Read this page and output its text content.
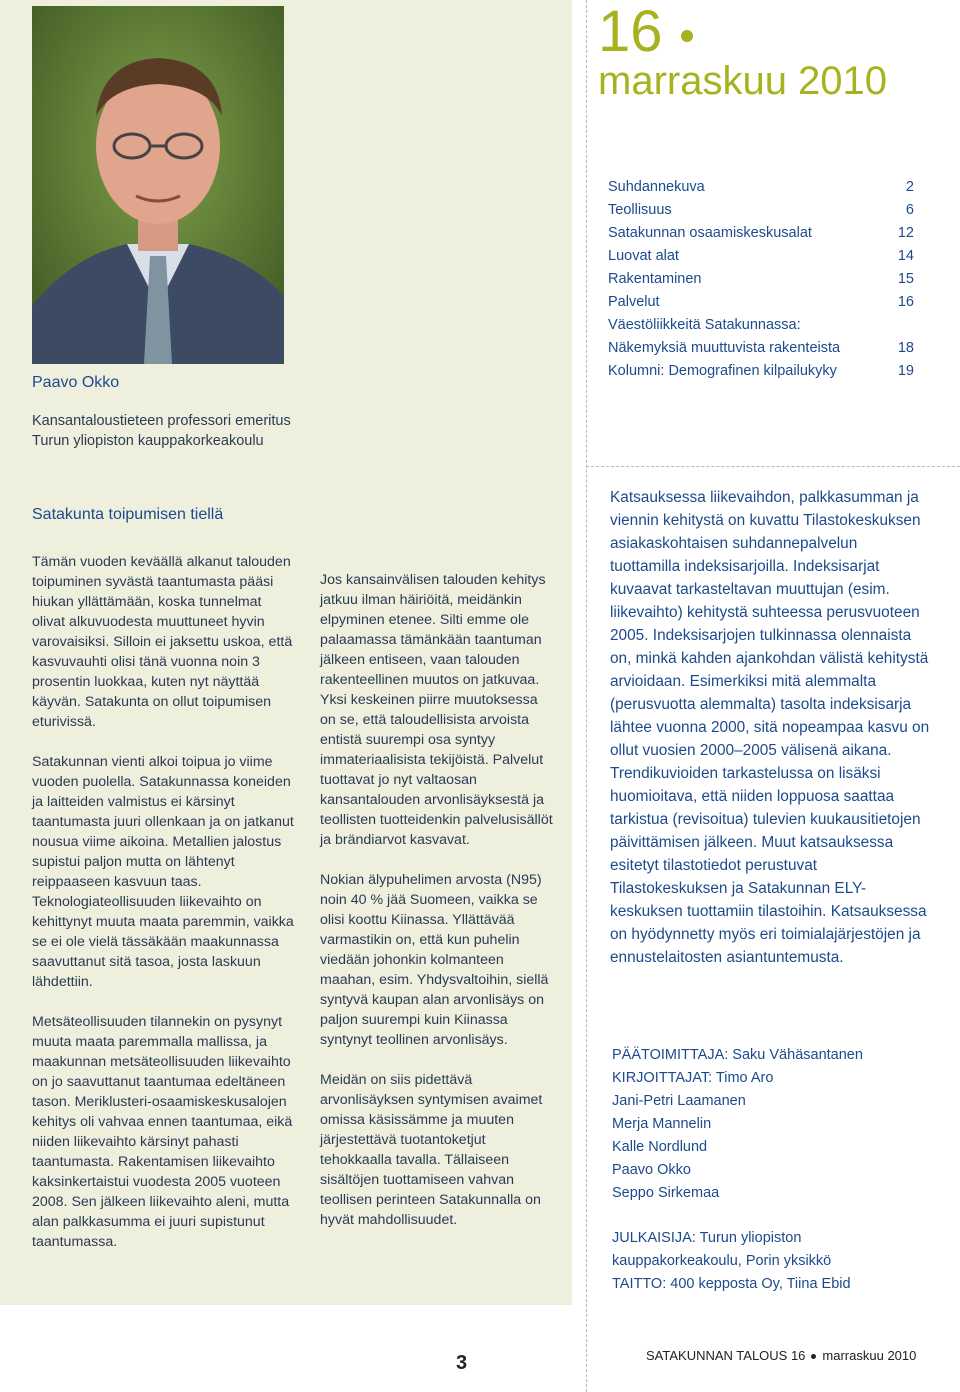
Paavo Okko
Kansantaloustieteen professori emeritus
Turun yliopiston kauppakorkeakoulu
Satakunta toipumisen tiellä

Tämän vuoden keväällä alkanut talouden toipuminen syvästä taantumasta pääsi hiukan yllättämään, koska tunnelmat olivat alkuvuodesta muuttuneet hyvin varovaisiksi. Silloin ei jaksettu uskoa, että kasvuvauhti olisi tänä vuonna noin 3 prosentin luokkaa, kuten nyt näyttää käyvän. Satakunta on ollut toipumisen eturivissä.

Satakunnan vienti alkoi toipua jo viime vuoden puolella. Satakunnassa koneiden ja laitteiden valmistus ei kärsinyt taantumasta juuri ollenkaan ja on jatkanut nousua viime aikoina. Metallien jalostus supistui paljon mutta on lähtenyt reippaaseen kasvuun taas. Teknologiateollisuuden liikevaihto on kehittynyt muuta maata paremmin, vaikka se ei ole vielä tässäkään maakunnassa saavuttanut sitä tasoa, josta laskuun lähdettiin.

Metsäteollisuuden tilannekin on pysynyt muuta maata paremmalla mallissa, ja maakunnan metsäteollisuuden liikevaihto on jo saavuttanut taantumaa edeltäneen tason. Meriklusteri-osaamiskeskusalojen kehitys oli vahvaa ennen taantumaa, eikä niiden liikevaihto kärsinyt pahasti taantumasta. Rakentamisen liikevaihto kaksinkertaistui vuodesta 2005 vuoteen 2008. Sen jälkeen liikevaihto aleni, mutta alan palkkasumma ei juuri supistunut taantumassa.

Jos kansainvälisen talouden kehitys jatkuu ilman häiriöitä, meidänkin elpyminen etenee. Silti emme ole palaamassa tämänkään taantuman jälkeen entiseen, vaan talouden rakenteellinen muutos on jatkuvaa. Yksi keskeinen piirre muutoksessa on se, että taloudellisista arvoista entistä suurempi osa syntyy immateriaalisista tekijöistä. Palvelut tuottavat jo nyt valtaosan kansantalouden arvonlisäyksestä ja teollisten tuotteidenkin palvelusisällöt ja brändiarvot kasvavat.

Nokian älypuhelimen arvosta (N95) noin 40 % jää Suomeen, vaikka se olisi koottu Kiinassa. Yllättävää varmastikin on, että kun puhelin viedään johonkin kolmanteen maahan, esim. Yhdysvaltoihin, siellä syntyvä kaupan alan arvonlisäys on paljon suurempi kuin Kiinassa syntynyt teollinen arvonlisäys.

Meidän on siis pidettävä arvonlisäyksen syntymisen avaimet omissa käsissämme ja muuten järjestettävä tuotantoketjut tehokkaalla tavalla. Tällaiseen sisältöjen tuottamiseen vahvan teollisen perinteen Satakunnalla on hyvät mahdollisuudet.

16
marraskuu 2010
Suhdannekuva	2
Teollisuus	6
Satakunnan osaamiskeskusalat	12
Luovat alat	14
Rakentaminen	15
Palvelut	16
Väestöliikkeitä Satakunnassa:
Näkemyksiä muuttuvista rakenteista	18
Kolumni: Demografinen kilpailukyky	19
Katsauksessa liikevaihdon, palkkasumman ja viennin kehitystä on kuvattu Tilastokeskuksen asiakaskohtaisen suhdannepalvelun tuottamilla indeksisarjoilla. Indeksisarjat kuvaavat tarkasteltavan muuttujan (esim. liikevaihto) kehitystä suhteessa perusvuoteen 2005. Indeksisarjojen tulkinnassa olennaista on, minkä kahden ajankohdan välistä kehitystä arvioidaan. Esimerkiksi mitä alemmalta (perusvuotta alemmalta) tasolta indeksisarja lähtee vuonna 2000, sitä nopeampaa kasvu on ollut vuosien 2000–2005 välisenä aikana. Trendikuvioiden tarkastelussa on lisäksi huomioitava, että niiden loppuosa saattaa tarkistua (revisoitua) tulevien kuukausitietojen päivittämisen jälkeen. Muut katsauksessa esitetyt tilastotiedot perustuvat Tilastokeskuksen ja Satakunnan ELY-keskuksen tuottamiin tilastoihin. Katsauksessa on hyödynnetty myös eri toimialajärjestöjen ja ennustelaitosten asiantuntemusta.
PÄÄTOIMITTAJA: Saku Vähäsantanen
KIRJOITTAJAT: Timo Aro
Jani-Petri Laamanen
Merja Mannelin
Kalle Nordlund
Paavo Okko
Seppo Sirkemaa
JULKAISIJA: Turun yliopiston
kauppakorkeakoulu, Porin yksikkö
TAITTO: 400 kepposta Oy, Tiina Ebid
3	SATAKUNNAN TALOUS 16 marraskuu 2010
